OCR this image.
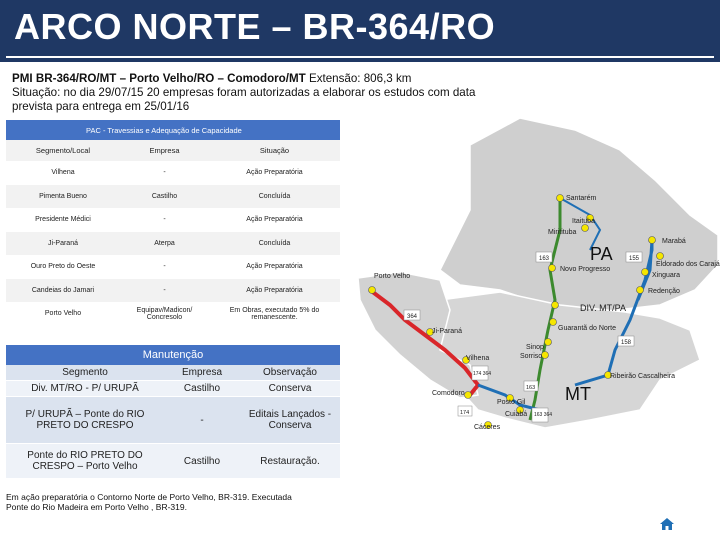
ARCO NORTE – BR-364/RO
PMI BR-364/RO/MT – Porto Velho/RO – Comodoro/MT Extensão: 806,3 km
Situação: no dia 29/07/15 20 empresas foram autorizadas a elaborar os estudos com data prevista para entrega em 25/01/16
163	155
364
158
174 364
174
163
163 364
PA
MT
DIV. MT/PA
Santarém
Itaituba
Miritituba
Marabá
Eldorado dos Carajá
Novo Progresso
Xinguara
Redenção
Porto Velho
Ji-Paraná	Guarantã do Norte
Sinop
Sorriso
Vilhena
Comodoro
Posto Gil
Cuiabá
Cáceres
Ribeirão Cascalheira
PAC - Travessias e Adequação de Capacidade		
Segmento/Local	Empresa	Situação
Vilhena	-	Ação Preparatória
Pimenta Bueno	Castilho	Concluída
Presidente Médici	-	Ação Preparatória
Ji-Paraná	Aterpa	Concluída
Ouro Preto do Oeste	-	Ação Preparatória
Candeias do Jamari	-	Ação Preparatória
Porto Velho	Equipav/Madicon/ Concresolo	Em Obras, executado 5% do remanescente.
Manutenção
Segmento	Empresa	Observação
Div. MT/RO - P/ URUPÃ	Castilho	Conserva
P/ URUPÃ – Ponte do RIO PRETO DO CRESPO	-	Editais Lançados - Conserva
Ponte do RIO PRETO DO CRESPO – Porto Velho	Castilho	Restauração.
Em ação preparatória o Contorno Norte de Porto Velho, BR-319. Executada Ponte do Rio Madeira em Porto Velho , BR-319.
